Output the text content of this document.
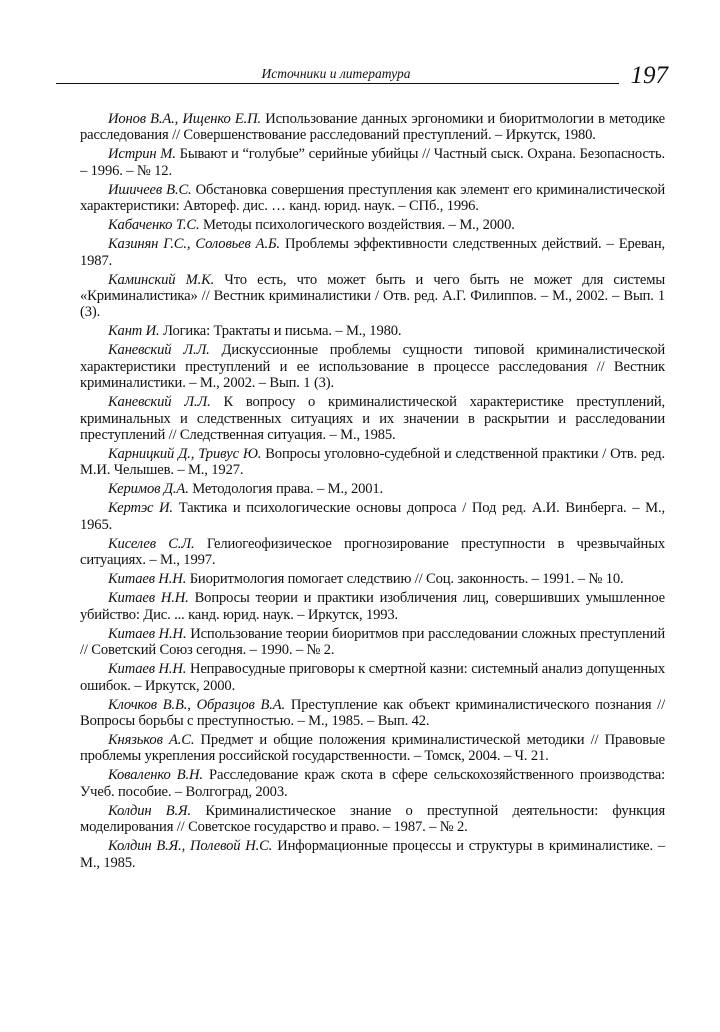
Источники и литература	197

Ионов В.А., Ищенко Е.П. Использование данных эргономики и биоритмологии в методике расследования // Совершенствование расследований преступлений. – Иркутск, 1980.

Истрин М. Бывают и “голубые” серийные убийцы // Частный сыск. Охрана. Безопасность. – 1996. – № 12.

Ишичеев В.С. Обстановка совершения преступления как элемент его криминалистической характеристики: Автореф. дис. … канд. юрид. наук. – СПб., 1996.

Кабаченко Т.С. Методы психологического воздействия. – М., 2000.

Казинян Г.С., Соловьев А.Б. Проблемы эффективности следственных действий. – Ереван, 1987.

Каминский М.К. Что есть, что может быть и чего быть не может для системы «Криминалистика» // Вестник криминалистики / Отв. ред. А.Г. Филиппов. – М., 2002. – Вып. 1 (3).

Кант И. Логика: Трактаты и письма. – М., 1980.

Каневский Л.Л. Дискуссионные проблемы сущности типовой криминалистической характеристики преступлений и ее использование в процессе расследования // Вестник криминалистики. – М., 2002. – Вып. 1 (3).

Каневский Л.Л. К вопросу о криминалистической характеристике преступлений, криминальных и следственных ситуациях и их значении в раскрытии и расследовании преступлений // Следственная ситуация. – М., 1985.

Карницкий Д., Тривус Ю. Вопросы уголовно-судебной и следственной практики / Отв. ред. М.И. Челышев. – М., 1927.

Керимов Д.А. Методология права. – М., 2001.

Кертэс И. Тактика и психологические основы допроса / Под ред. А.И. Винберга. – М., 1965.

Киселев С.Л. Гелиогеофизическое прогнозирование преступности в чрезвычайных ситуациях. – М., 1997.

Китаев Н.Н. Биоритмология помогает следствию // Соц. законность. – 1991. – № 10.

Китаев Н.Н. Вопросы теории и практики изобличения лиц, совершивших умышленное убийство: Дис. ... канд. юрид. наук. – Иркутск, 1993.

Китаев Н.Н. Использование теории биоритмов при расследовании сложных преступлений // Советский Союз сегодня. – 1990. – № 2.

Китаев Н.Н. Неправосудные приговоры к смертной казни: системный анализ допущенных ошибок. – Иркутск, 2000.

Клочков В.В., Образцов В.А. Преступление как объект криминалистического познания // Вопросы борьбы с преступностью. – М., 1985. – Вып. 42.

Князьков А.С. Предмет и общие положения криминалистической методики // Правовые проблемы укрепления российской государственности. – Томск, 2004. – Ч. 21.

Коваленко В.Н. Расследование краж скота в сфере сельскохозяйственного производства: Учеб. пособие. – Волгоград, 2003.

Колдин В.Я. Криминалистическое знание о преступной деятельности: функция моделирования // Советское государство и право. – 1987. – № 2.

Колдин В.Я., Полевой Н.С. Информационные процессы и структуры в криминалистике. – М., 1985.
